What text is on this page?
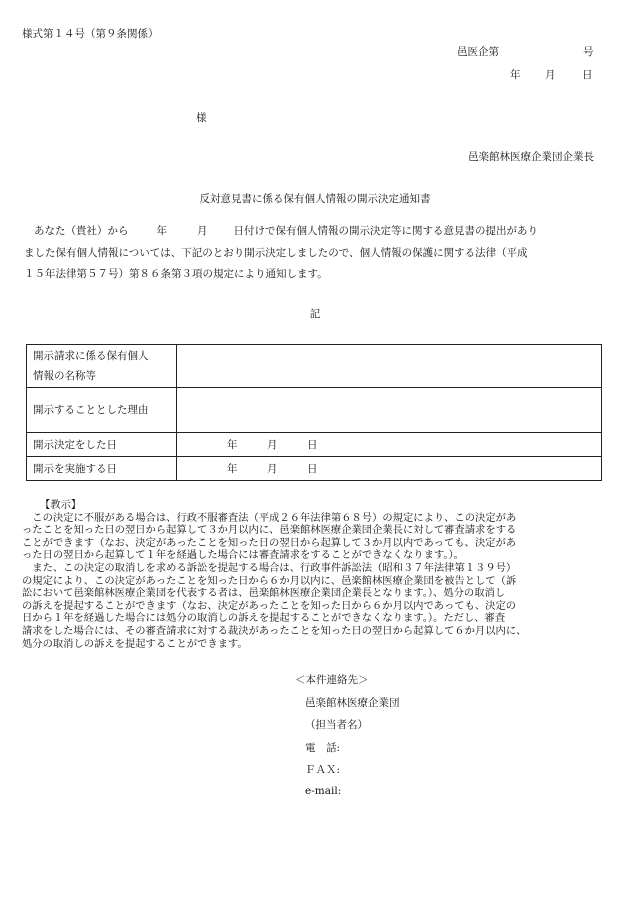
様式第１４号（第９条関係）
邑医企第	号
年 月	日
様
邑楽館林医療企業団企業長
反対意見書に係る保有個人情報の開示決定通知書

あなた（貴社）から	年	月 日付けで保有個人情報の開示決定等に関する意見書の提出があり

ました保有個人情報については、下記のとおり開示決定しましたので、個人情報の保護に関する法律（平成

１５年法律第５７号）第８６条第３項の規定により通知します。

記
開示請求に係る保有個人
情報の名称等	

開示することとした理由	
開示決定をした日	年 月 日

開示を実施する日	年 月 日

【教示】

　この決定に不服がある場合は、行政不服審査法（平成２６年法律第６８号）の規定により、この決定があ

ったことを知った日の翌日から起算して３か月以内に、邑楽館林医療企業団企業長に対して審査請求をする

ことができます（なお、決定があったことを知った日の翌日から起算して３か月以内であっても、決定があ

った日の翌日から起算して１年を経過した場合には審査請求をすることができなくなります。）。

　また、この決定の取消しを求める訴訟を提起する場合は、行政事件訴訟法（昭和３７年法律第１３９号）

の規定により、この決定があったことを知った日から６か月以内に、邑楽館林医療企業団を被告として（訴

訟において邑楽館林医療企業団を代表する者は、邑楽館林医療企業団企業長となります。）、処分の取消し

の訴えを提起することができます（なお、決定があったことを知った日から６か月以内であっても、決定の

日から１年を経過した場合には処分の取消しの訴えを提起することができなくなります。）。ただし、審査

請求をした場合には、その審査請求に対する裁決があったことを知った日の翌日から起算して６か月以内に、

処分の取消しの訴えを提起することができます。

＜本件連絡先＞
邑楽館林医療企業団
（担当者名）
電　話:
ＦＡＸ:
e-mail:
